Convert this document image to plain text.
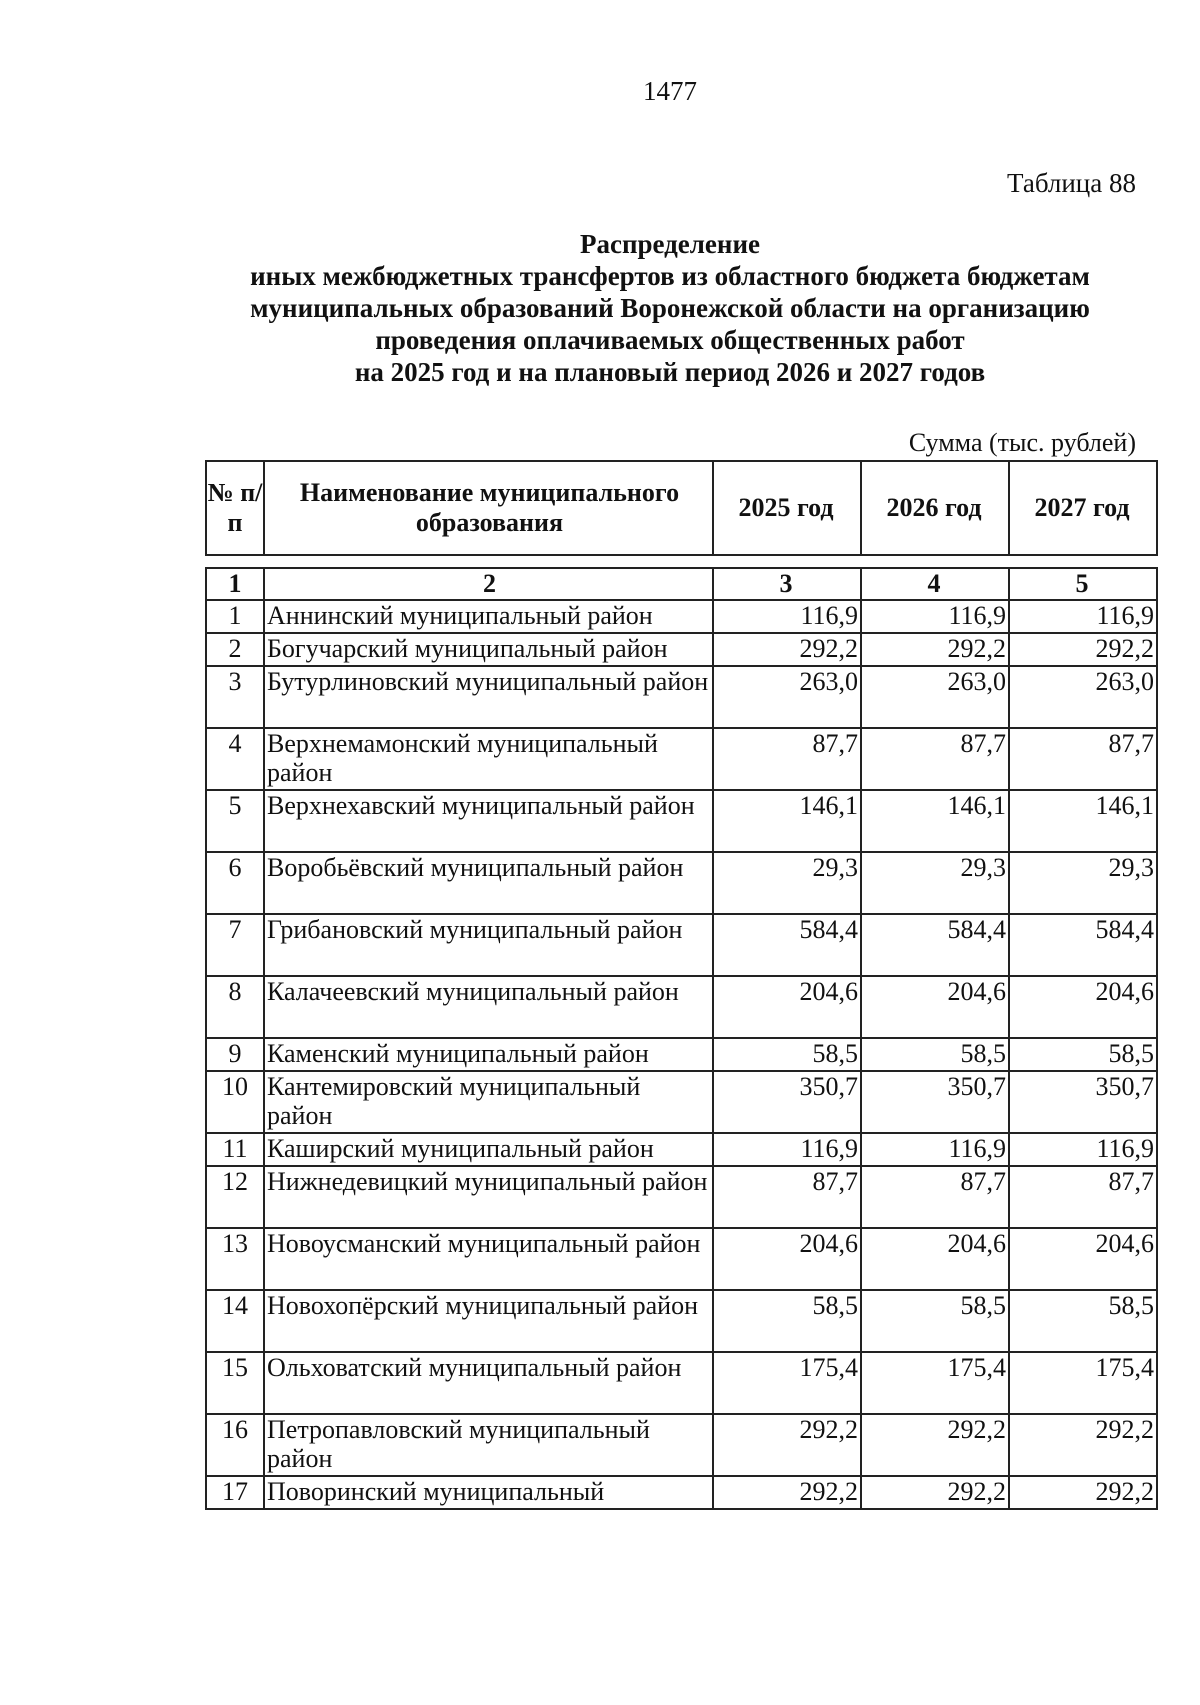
1477
Таблица 88
Распределение
иных межбюджетных трансфертов из областного бюджета бюджетам
муниципальных образований Воронежской области на организацию
проведения оплачиваемых общественных работ
на 2025 год и на плановый период 2026 и 2027 годов
Сумма (тыс. рублей)
№ п/п	Наименование муниципального образования	2025 год	2026 год	2027 год
1	2	3	4	5
1	Аннинский муниципальный район	116,9	116,9	116,9
2	Богучарский муниципальный район	292,2	292,2	292,2
3	Бутурлиновский муниципальный район	263,0	263,0	263,0
4	Верхнемамонский муниципальный район	87,7	87,7	87,7
5	Верхнехавский муниципальный район	146,1	146,1	146,1
6	Воробьёвский муниципальный район	29,3	29,3	29,3
7	Грибановский муниципальный район	584,4	584,4	584,4
8	Калачеевский муниципальный район	204,6	204,6	204,6
9	Каменский муниципальный район	58,5	58,5	58,5
10	Кантемировский муниципальный район	350,7	350,7	350,7
11	Каширский муниципальный район	116,9	116,9	116,9
12	Нижнедевицкий муниципальный район	87,7	87,7	87,7
13	Новоусманский муниципальный район	204,6	204,6	204,6
14	Новохопёрский муниципальный район	58,5	58,5	58,5
15	Ольховатский муниципальный район	175,4	175,4	175,4
16	Петропавловский муниципальный район	292,2	292,2	292,2
17	Поворинский муниципальный	292,2	292,2	292,2
